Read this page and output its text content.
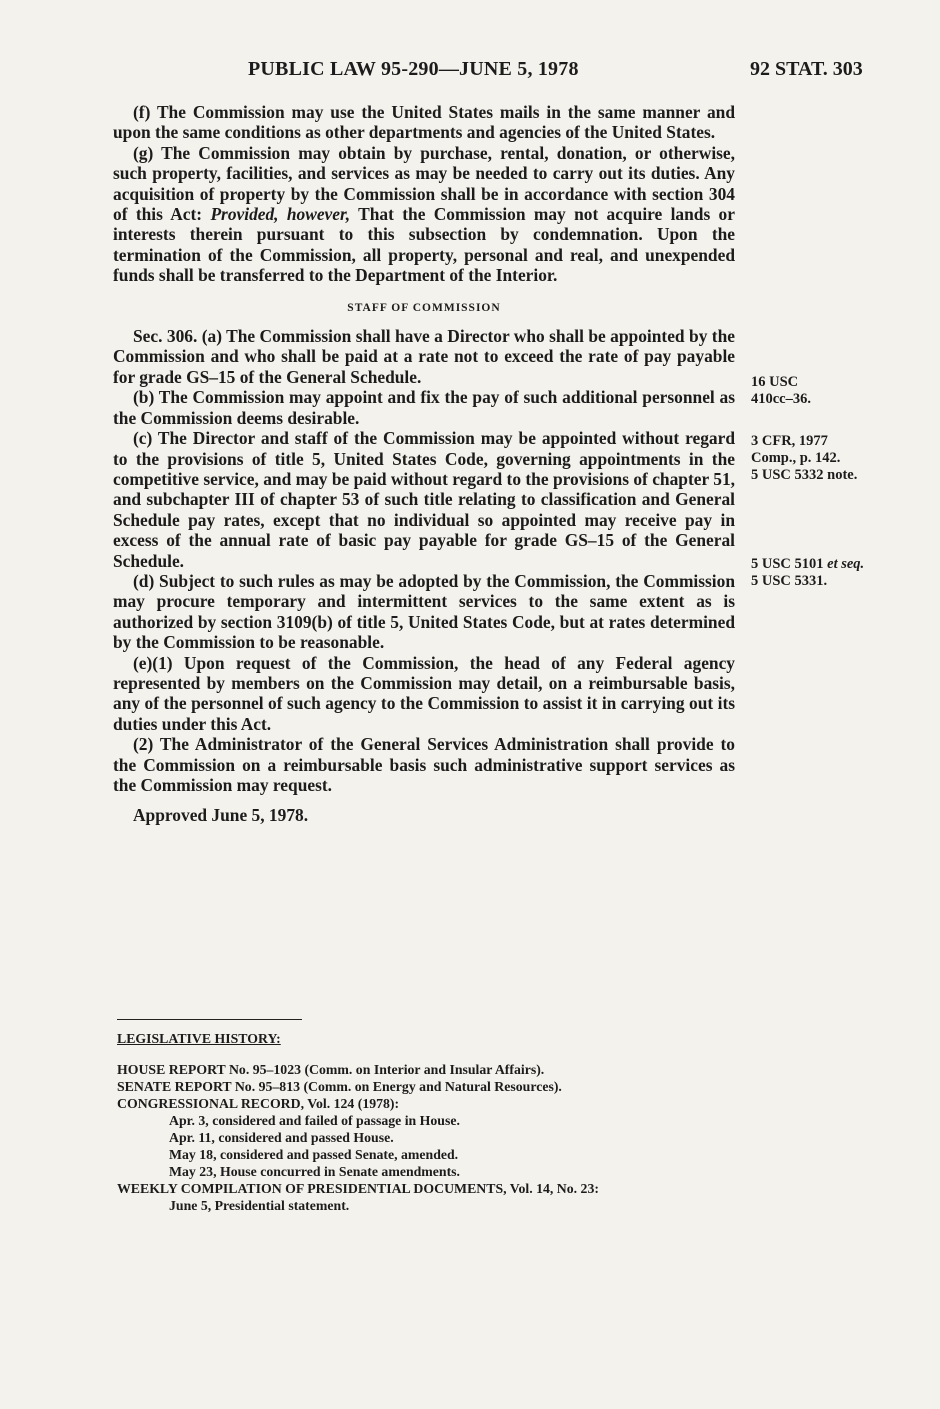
PUBLIC LAW 95-290—JUNE 5, 1978	92 STAT. 303

(f) The Commission may use the United States mails in the same manner and upon the same conditions as other departments and agencies of the United States.

(g) The Commission may obtain by purchase, rental, donation, or otherwise, such property, facilities, and services as may be needed to carry out its duties. Any acquisition of property by the Commission shall be in accordance with section 304 of this Act: Provided, however, That the Commission may not acquire lands or interests therein pursuant to this subsection by condemnation. Upon the termination of the Commission, all property, personal and real, and unexpended funds shall be transferred to the Department of the Interior.

STAFF OF COMMISSION

Sec. 306. (a) The Commission shall have a Director who shall be appointed by the Commission and who shall be paid at a rate not to exceed the rate of pay payable for grade GS–15 of the General Schedule.

(b) The Commission may appoint and fix the pay of such additional personnel as the Commission deems desirable.

(c) The Director and staff of the Commission may be appointed without regard to the provisions of title 5, United States Code, governing appointments in the competitive service, and may be paid without regard to the provisions of chapter 51, and subchapter III of chapter 53 of such title relating to classification and General Schedule pay rates, except that no individual so appointed may receive pay in excess of the annual rate of basic pay payable for grade GS–15 of the General Schedule.

(d) Subject to such rules as may be adopted by the Commission, the Commission may procure temporary and intermittent services to the same extent as is authorized by section 3109(b) of title 5, United States Code, but at rates determined by the Commission to be reasonable.

(e)(1) Upon request of the Commission, the head of any Federal agency represented by members on the Commission may detail, on a reimbursable basis, any of the personnel of such agency to the Commission to assist it in carrying out its duties under this Act.

(2) The Administrator of the General Services Administration shall provide to the Commission on a reimbursable basis such administrative support services as the Commission may request.

Approved June 5, 1978.

16 USC
410cc–36.
3 CFR, 1977
Comp., p. 142.
5 USC 5332 note.
5 USC 5101 et seq.
5 USC 5331.
LEGISLATIVE HISTORY:
HOUSE REPORT No. 95–1023 (Comm. on Interior and Insular Affairs).
SENATE REPORT No. 95–813 (Comm. on Energy and Natural Resources).
CONGRESSIONAL RECORD, Vol. 124 (1978):
Apr. 3, considered and failed of passage in House.
Apr. 11, considered and passed House.
May 18, considered and passed Senate, amended.
May 23, House concurred in Senate amendments.
WEEKLY COMPILATION OF PRESIDENTIAL DOCUMENTS, Vol. 14, No. 23:
June 5, Presidential statement.
